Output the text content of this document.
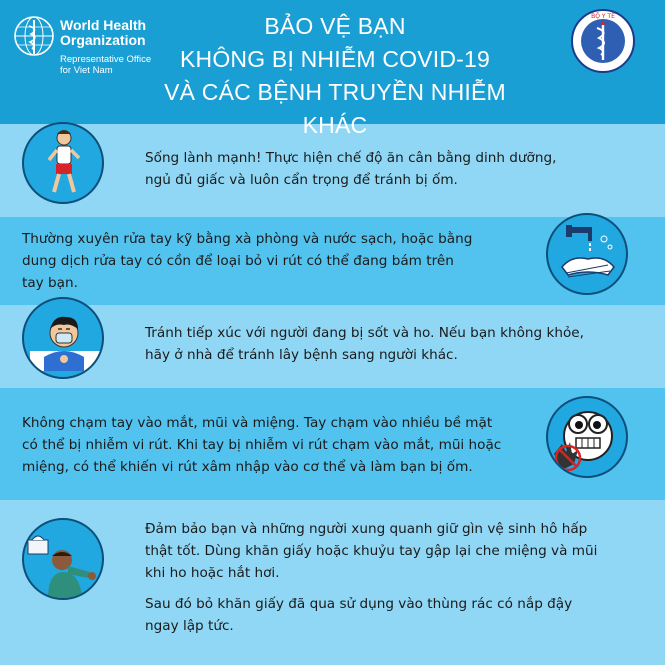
World Health
Organization
Representative Office
for Viet Nam
BẢO VỆ BẠN
KHÔNG BỊ NHIỄM COVID-19
VÀ CÁC BỆNH TRUYỀN NHIỄM KHÁC
BỘ Y TẾ
Sống lành mạnh! Thực hiện chế độ ăn cân bằng dinh dưỡng,
ngủ đủ giấc và luôn cẩn trọng để tránh bị ốm.
Thường xuyên rửa tay kỹ bằng xà phòng và nước sạch, hoặc bằng
dung dịch rửa tay có cồn để loại bỏ vi rút có thể đang bám trên
tay bạn.
Tránh tiếp xúc với người đang bị sốt và ho. Nếu bạn không khỏe,
hãy ở nhà để tránh lây bệnh sang người khác.
Không chạm tay vào mắt, mũi và miệng. Tay chạm vào nhiều bề mặt
có thể bị nhiễm vi rút. Khi tay bị nhiễm vi rút chạm vào mắt, mũi hoặc
miệng, có thể khiến vi rút xâm nhập vào cơ thể và làm bạn bị ốm.
Đảm bảo bạn và những người xung quanh giữ gìn vệ sinh hô hấp
thật tốt. Dùng khăn giấy hoặc khuỷu tay gập lại che miệng và mũi
khi ho hoặc hắt hơi.
Sau đó bỏ khăn giấy đã qua sử dụng vào thùng rác có nắp đậy
ngay lập tức.
